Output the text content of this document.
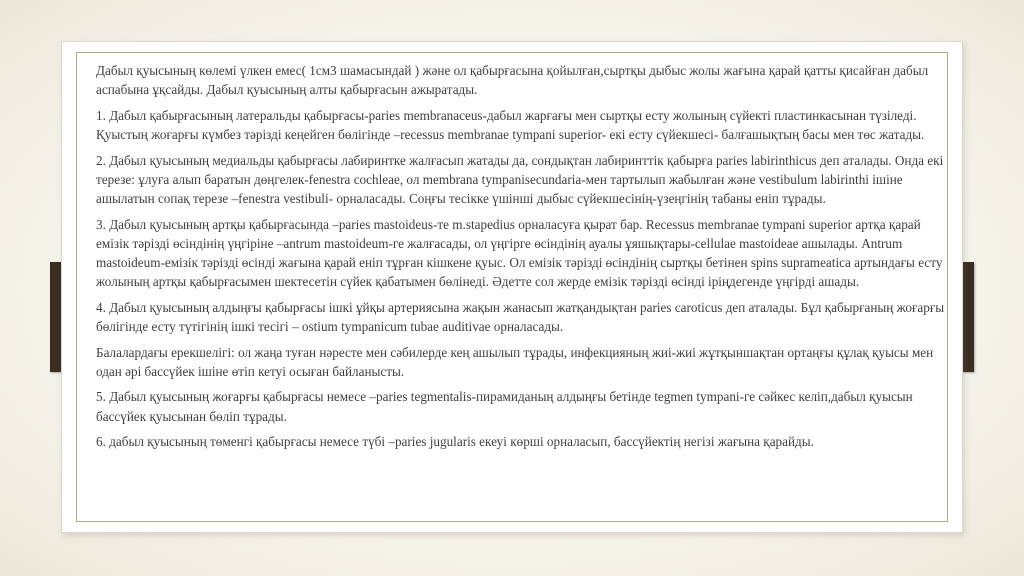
Дабыл қуысының көлемі үлкен емес( 1см3 шамасындай ) және ол қабырғасына қойылған,сыртқы дыбыс жолы жағына қарай қатты қисайған дабыл аспабына ұқсайды. Дабыл қуысының алты қабырғасын ажыратады.

1. Дабыл қабырғасының латеральды қабырғасы-paries membranaceus-дабыл жарғағы мен сыртқы есту жолының сүйекті пластинкасынан түзіледі. Қуыстың жоғарғы күмбез тәрізді кеңейген бөлігінде –recessus membranae tympani superior- екі есту сүйекшесі- балғашықтың басы мен төс жатады.

2. Дабыл қуысының медиальды қабырғасы лабиринтке жалғасып жатады да, сондықтан лабиринттік қабырға paries labirinthicus деп аталады. Онда екі терезе: ұлуға алып баратын дөңгелек-fenestra cochleae, ол membrana tympanisecundaria-мен тартылып жабылған және vestibulum labirinthi ішіне ашылатын сопақ терезе –fenestra vestibuli- орналасады. Соңғы тесікке үшінші дыбыс сүйекшесінің-үзеңгінің табаны еніп тұрады.

3. Дабыл қуысының артқы қабырғасында –paries mastoideus-те m.stapedius орналасуға қырат бар. Recessus membranae tympani superior артқа қарай емізік тәрізді өсіндінің үңгіріне –antrum mastoideum-ге жалғасады, ол үңгірге өсіндінің ауалы ұяшықтары-cellulae mastoideae ашылады. Antrum mastoideum-емізік тәрізді өсінді жағына қарай еніп тұрған кішкене қуыс. Ол емізік тәрізді өсіндінің сыртқы бетінен spins suprameatica артындағы есту жолының артқы қабырғасымен шектесетін сүйек қабатымен бөлінеді. Әдетте сол жерде емізік тәрізді өсінді іріңдегенде үңгірді ашады.

4. Дабыл қуысының алдыңғы қабырғасы ішкі ұйқы артериясына жақын жанасып жатқандықтан paries caroticus деп аталады. Бұл қабырғаның жоғарғы бөлігінде есту түтігінің ішкі тесігі – ostium tympanicum tubae auditivae орналасады.

Балалардағы ерекшелігі: ол жаңа туған нәресте мен сәбилерде кең ашылып тұрады, инфекцияның жиі-жиі жұтқыншақтан ортаңғы құлақ қуысы мен одан әрі бассүйек ішіне өтіп кетуі осыған байланысты.

5. Дабыл қуысының жоғарғы қабырғасы немесе –paries tegmentalis-пирамиданың алдыңғы бетінде tegmen tympani-ге сәйкес келіп,дабыл қуысын бассүйек қуысынан бөліп тұрады.

6. дабыл қуысының төменгі қабырғасы немесе түбі –paries jugularis екеуі көрші орналасып, бассүйектің негізі жағына қарайды.
